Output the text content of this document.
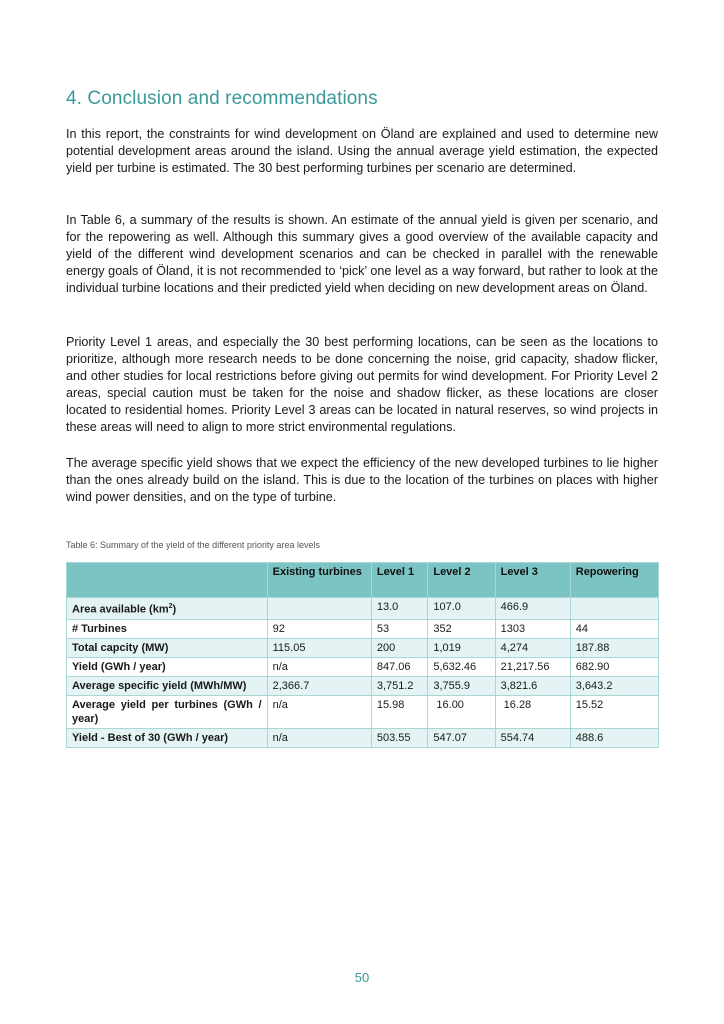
4. Conclusion and recommendations

In this report, the constraints for wind development on Öland are explained and used to determine new potential development areas around the island. Using the annual average yield estimation, the expected yield per turbine is estimated. The 30 best performing turbines per scenario are determined.

In Table 6, a summary of the results is shown. An estimate of the annual yield is given per scenario, and for the repowering as well. Although this summary gives a good overview of the available capacity and yield of the different wind development scenarios and can be checked in parallel with the renewable energy goals of Öland, it is not recommended to ‘pick’ one level as a way forward, but rather to look at the individual turbine locations and their predicted yield when deciding on new development areas on Öland.

Priority Level 1 areas, and especially the 30 best performing locations, can be seen as the locations to prioritize, although more research needs to be done concerning the noise, grid capacity, shadow flicker, and other studies for local restrictions before giving out permits for wind development. For Priority Level 2 areas, special caution must be taken for the noise and shadow flicker, as these locations are closer located to residential homes. Priority Level 3 areas can be located in natural reserves, so wind projects in these areas will need to align to more strict environmental regulations.

The average specific yield shows that we expect the efficiency of the new developed turbines to lie higher than the ones already build on the island. This is due to the location of the turbines on places with higher wind power densities, and on the type of turbine.

Table 6: Summary of the yield of the different priority area levels
	Existing turbines	Level 1	Level 2	Level 3	Repowering
Area available $(km^2)$		13.0	107.0	466.9	
# Turbines	92	53	352	1303	44
Total capcity (MW)	115.05	200	1,019	4,274	187.88
Yield (GWh / year)	n/a	847.06	5,632.46	21,217.56	682.90
Average specific yield (MWh/MW)	2,366.7	3,751.2	3,755.9	3,821.6	3,643.2
Average yield per turbines (GWh / year)	n/a	15.98	16.00	16.28	15.52
Yield - Best of 30 (GWh / year)	n/a	503.55	547.07	554.74	488.6
50
